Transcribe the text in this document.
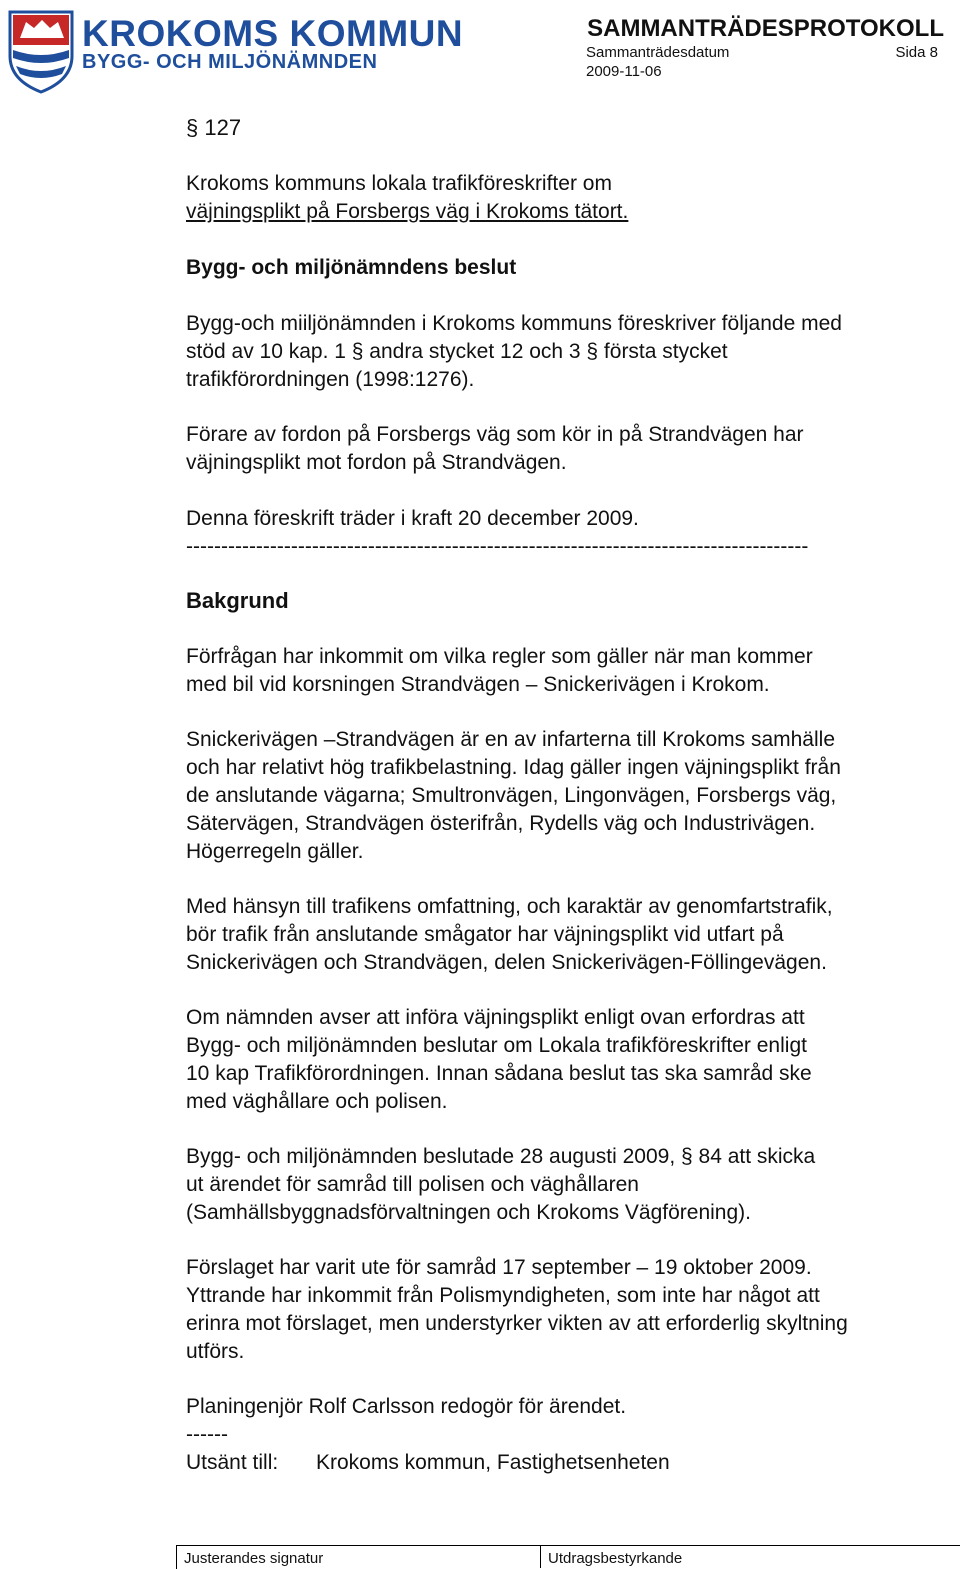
KROKOMS KOMMUN
BYGG- OCH MILJÖNÄMNDEN
SAMMANTRÄDESPROTOKOLL
Sammanträdesdatum	Sida 8
2009-11-06
§ 127
Krokoms kommuns lokala trafikföreskrifter om
väjningsplikt på Forsbergs väg i Krokoms tätort.
Bygg- och miljönämndens beslut
Bygg-och miiljönämnden i Krokoms kommuns föreskriver följande med
stöd av 10 kap. 1 § andra stycket 12 och 3 § första stycket
trafikförordningen (1998:1276).
Förare av fordon på Forsbergs väg som kör in på Strandvägen har
väjningsplikt mot fordon på Strandvägen.
Denna föreskrift träder i kraft 20 december 2009.
-----------------------------------------------------------------------------------------
Bakgrund
Förfrågan har inkommit om vilka regler som gäller när man kommer
med bil vid korsningen Strandvägen – Snickerivägen i Krokom.
Snickerivägen –Strandvägen är en av infarterna till Krokoms samhälle
och har relativt hög trafikbelastning. Idag gäller ingen väjningsplikt från
de anslutande vägarna; Smultronvägen, Lingonvägen, Forsbergs väg,
Sätervägen, Strandvägen österifrån, Rydells väg och Industrivägen.
Högerregeln gäller.
Med hänsyn till trafikens omfattning, och karaktär av genomfartstrafik,
bör trafik från anslutande smågator har väjningsplikt vid utfart på
Snickerivägen och Strandvägen, delen Snickerivägen-Föllingevägen.
Om nämnden avser att införa väjningsplikt enligt ovan erfordras att
Bygg- och miljönämnden beslutar om Lokala trafikföreskrifter enligt
10 kap Trafikförordningen. Innan sådana beslut tas ska samråd ske
med väghållare och polisen.
Bygg- och miljönämnden beslutade 28 augusti 2009, § 84 att skicka
ut ärendet för samråd till polisen och väghållaren
(Samhällsbyggnadsförvaltningen och Krokoms Vägförening).
Förslaget har varit ute för samråd 17 september – 19 oktober 2009.
Yttrande har inkommit från Polismyndigheten, som inte har något att
erinra mot förslaget, men understyrker vikten av att erforderlig skyltning
utförs.
Planingenjör Rolf Carlsson redogör för ärendet.
------
Utsänt till: Krokoms kommun, Fastighetsenheten
Justerandes signatur	Utdragsbestyrkande
